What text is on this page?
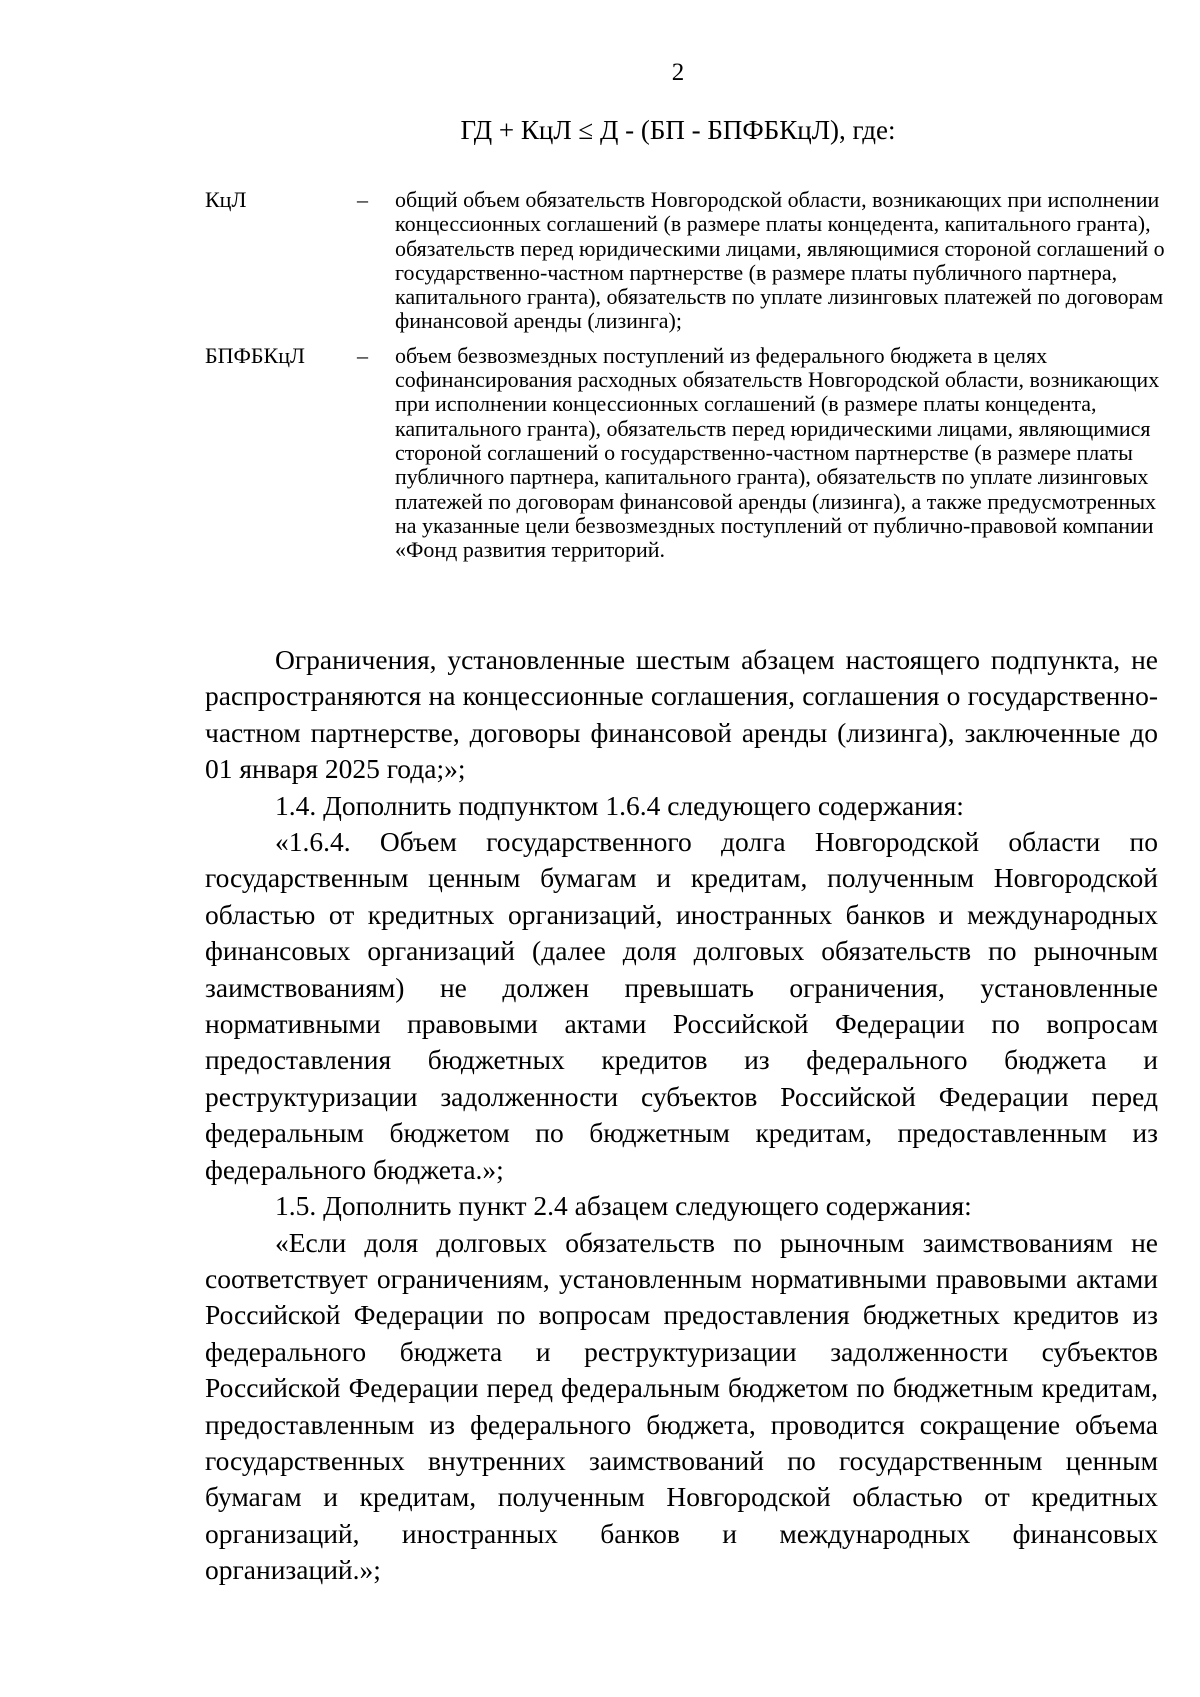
2
ГД + КцЛ ≤ Д - (БП - БПФБКцЛ), где:
КцЛ	–	общий объем обязательств Новгородской области, возникающих при исполнении концессионных соглашений (в размере платы концедента, капитального гранта), обязательств перед юридическими лицами, являющимися стороной соглашений о государственно-частном партнерстве (в размере платы публичного партнера, капитального гранта), обязательств по уплате лизинговых платежей по договорам финансовой аренды (лизинга);
БПФБКцЛ	–	объем безвозмездных поступлений из федерального бюджета в целях софинансирования расходных обязательств Новгородской области, возникающих при исполнении концессионных соглашений (в размере платы концедента, капитального гранта), обязательств перед юридическими лицами, являющимися стороной соглашений о государственно-частном партнерстве (в размере платы публичного партнера, капитального гранта), обязательств по уплате лизинговых платежей по договорам финансовой аренды (лизинга), а также предусмотренных на указанные цели безвозмездных поступлений от публично-правовой компании «Фонд развития территорий.

Ограничения, установленные шестым абзацем настоящего подпункта, не распространяются на концессионные соглашения, соглашения о государственно-частном партнерстве, договоры финансовой аренды (лизинга), заключенные до 01 января 2025 года;»;

1.4. Дополнить подпунктом 1.6.4 следующего содержания:

«1.6.4. Объем государственного долга Новгородской области по государственным ценным бумагам и кредитам, полученным Новгородской областью от кредитных организаций, иностранных банков и международных финансовых организаций (далее доля долговых обязательств по рыночным заимствованиям) не должен превышать ограничения, установленные нормативными правовыми актами Российской Федерации по вопросам предоставления бюджетных кредитов из федерального бюджета и реструктуризации задолженности субъектов Российской Федерации перед федеральным бюджетом по бюджетным кредитам, предоставленным из федерального бюджета.»;

1.5. Дополнить пункт 2.4 абзацем следующего содержания:

«Если доля долговых обязательств по рыночным заимствованиям не соответствует ограничениям, установленным нормативными правовыми актами Российской Федерации по вопросам предоставления бюджетных кредитов из федерального бюджета и реструктуризации задолженности субъектов Российской Федерации перед федеральным бюджетом по бюджетным кредитам, предоставленным из федерального бюджета, проводится сокращение объема государственных внутренних заимствований по государственным ценным бумагам и кредитам, полученным Новгородской областью от кредитных организаций, иностранных банков и международных финансовых организаций.»;
